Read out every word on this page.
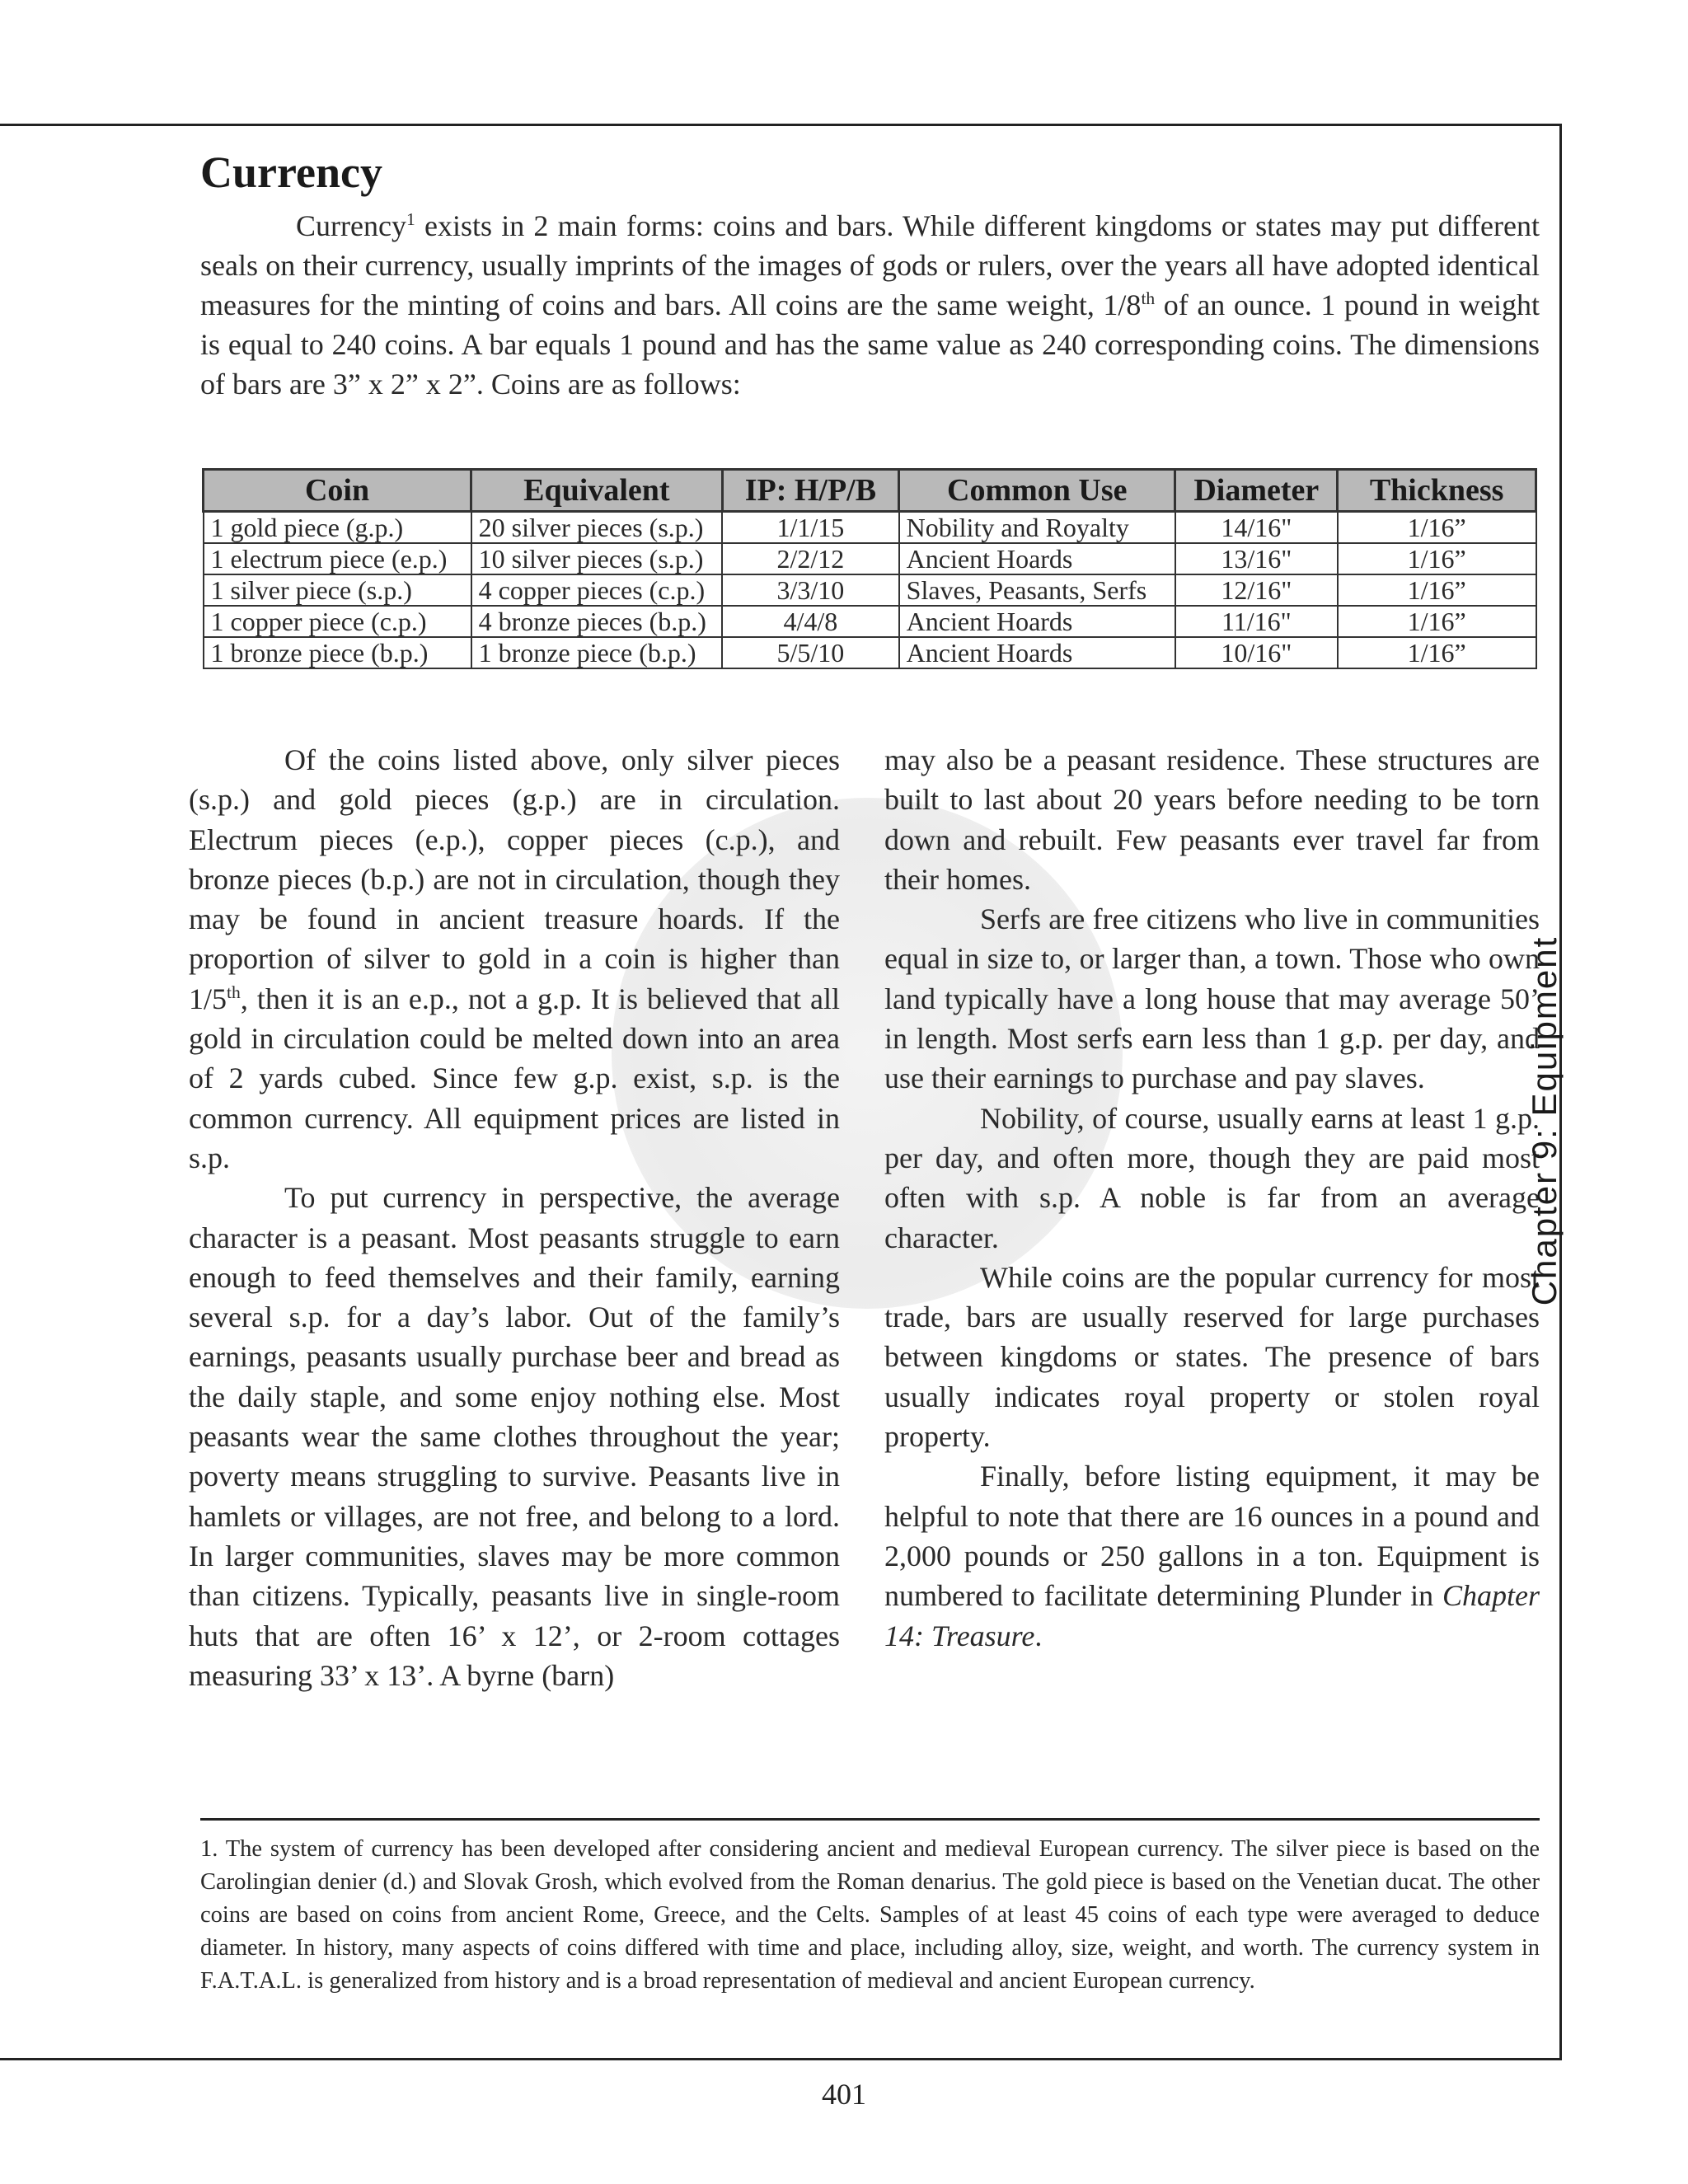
Currency

Currency$^1$ exists in 2 main forms: coins and bars. While different kingdoms or states may put different seals on their currency, usually imprints of the images of gods or rulers, over the years all have adopted identical measures for the minting of coins and bars. All coins are the same weight, 1/8th of an ounce. 1 pound in weight is equal to 240 coins. A bar equals 1 pound and has the same value as 240 corresponding coins. The dimensions of bars are 3” x 2” x 2”. Coins are as follows:

Coin	Equivalent	IP: H/P/B	Common Use	Diameter	Thickness
1 gold piece (g.p.)	20 silver pieces (s.p.)	1/1/15	Nobility and Royalty	14/16"	1/16”
1 electrum piece (e.p.)	10 silver pieces (s.p.)	2/2/12	Ancient Hoards	13/16"	1/16”
1 silver piece (s.p.)	4 copper pieces (c.p.)	3/3/10	Slaves, Peasants, Serfs	12/16"	1/16”
1 copper piece (c.p.)	4 bronze pieces (b.p.)	4/4/8	Ancient Hoards	11/16"	1/16”
1 bronze piece (b.p.)	1 bronze piece (b.p.)	5/5/10	Ancient Hoards	10/16"	1/16”

Of the coins listed above, only silver pieces (s.p.) and gold pieces (g.p.) are in circulation. Electrum pieces (e.p.), copper pieces (c.p.), and bronze pieces (b.p.) are not in circulation, though they may be found in ancient treasure hoards. If the proportion of silver to gold in a coin is higher than 1/5th, then it is an e.p., not a g.p. It is believed that all gold in circulation could be melted down into an area of 2 yards cubed. Since few g.p. exist, s.p. is the common currency. All equipment prices are listed in s.p.

To put currency in perspective, the average character is a peasant. Most peasants struggle to earn enough to feed themselves and their family, earning several s.p. for a day’s labor. Out of the family’s earnings, peasants usually purchase beer and bread as the daily staple, and some enjoy nothing else. Most peasants wear the same clothes throughout the year; poverty means struggling to survive. Peasants live in hamlets or villages, are not free, and belong to a lord. In larger communities, slaves may be more common than citizens. Typically, peasants live in single-room huts that are often 16’ x 12’, or 2-room cottages measuring 33’ x 13’. A byrne (barn)

may also be a peasant residence. These structures are built to last about 20 years before needing to be torn down and rebuilt. Few peasants ever travel far from their homes.

Serfs are free citizens who live in communities equal in size to, or larger than, a town. Those who own land typically have a long house that may average 50’ in length. Most serfs earn less than 1 g.p. per day, and use their earnings to purchase and pay slaves.

Nobility, of course, usually earns at least 1 g.p. per day, and often more, though they are paid most often with s.p. A noble is far from an average character.

While coins are the popular currency for most trade, bars are usually reserved for large purchases between kingdoms or states. The presence of bars usually indicates royal property or stolen royal property.

Finally, before listing equipment, it may be helpful to note that there are 16 ounces in a pound and 2,000 pounds or 250 gallons in a ton. Equipment is numbered to facilitate determining Plunder in Chapter 14: Treasure.

Chapter 9: Equipment

1. The system of currency has been developed after considering ancient and medieval European currency. The silver piece is based on the Carolingian denier (d.) and Slovak Grosh, which evolved from the Roman denarius. The gold piece is based on the Venetian ducat. The other coins are based on coins from ancient Rome, Greece, and the Celts. Samples of at least 45 coins of each type were averaged to deduce diameter. In history, many aspects of coins differed with time and place, including alloy, size, weight, and worth. The currency system in F.A.T.A.L. is generalized from history and is a broad representation of medieval and ancient European currency.

401
